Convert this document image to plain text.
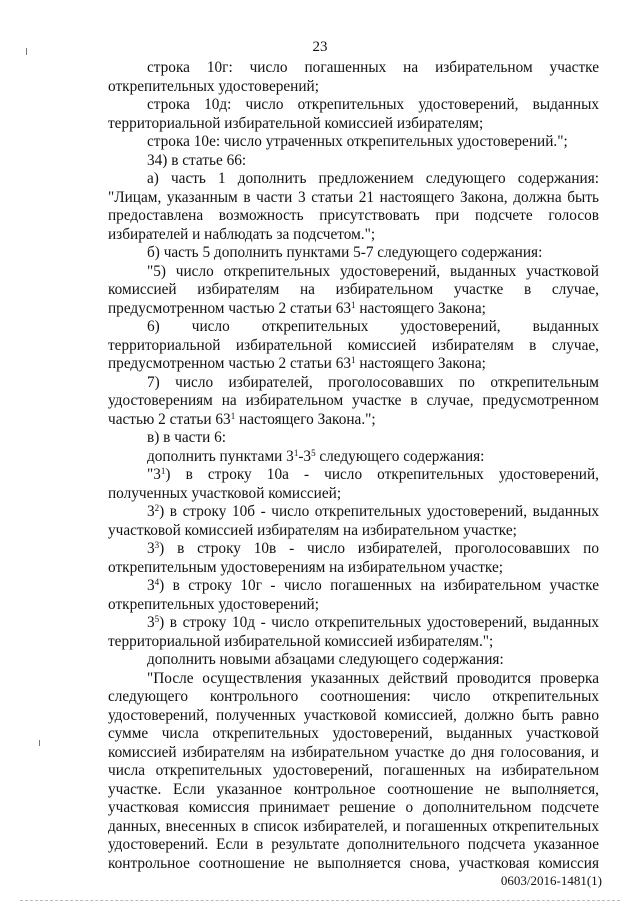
23
строка 10г: число погашенных на избирательном участке
открепительных удостоверений;
строка 10д: число открепительных удостоверений, выданных
территориальной избирательной комиссией избирателям;
строка 10е: число утраченных открепительных удостоверений.";
34) в статье 66:
а) часть 1 дополнить предложением следующего содержания:
"Лицам, указанным в части 3 статьи 21 настоящего Закона, должна быть
предоставлена возможность присутствовать при подсчете голосов
избирателей и наблюдать за подсчетом.";
б) часть 5 дополнить пунктами 5-7 следующего содержания:
"5) число открепительных удостоверений, выданных участковой
комиссией избирателям на избирательном участке в случае,
предусмотренном частью 2 статьи $63^1$ настоящего Закона;
6) число открепительных удостоверений, выданных
территориальной избирательной комиссией избирателям в случае,
предусмотренном частью 2 статьи $63^1$ настоящего Закона;
7) число избирателей, проголосовавших по открепительным
удостоверениям на избирательном участке в случае, предусмотренном
частью 2 статьи $63^1$ настоящего Закона.";
в) в части 6:
дополнить пунктами $3^1-3^5$ следующего содержания:
"$3^1$) в строку 10а - число открепительных удостоверений,
полученных участковой комиссией;
$3^2$) в строку 10б - число открепительных удостоверений, выданных
участковой комиссией избирателям на избирательном участке;
$3^3$) в строку 10в - число избирателей, проголосовавших по
открепительным удостоверениям на избирательном участке;
$3^4$) в строку 10г - число погашенных на избирательном участке
открепительных удостоверений;
$3^5$) в строку 10д - число открепительных удостоверений, выданных
территориальной избирательной комиссией избирателям.";
дополнить новыми абзацами следующего содержания:
"После осуществления указанных действий проводится проверка
следующего контрольного соотношения: число открепительных
удостоверений, полученных участковой комиссией, должно быть равно
сумме числа открепительных удостоверений, выданных участковой
комиссией избирателям на избирательном участке до дня голосования, и
числа открепительных удостоверений, погашенных на избирательном
участке. Если указанное контрольное соотношение не выполняется,
участковая комиссия принимает решение о дополнительном подсчете
данных, внесенных в список избирателей, и погашенных открепительных
удостоверений. Если в результате дополнительного подсчета указанное
контрольное соотношение не выполняется снова, участковая комиссия
0603/2016-1481(1)
